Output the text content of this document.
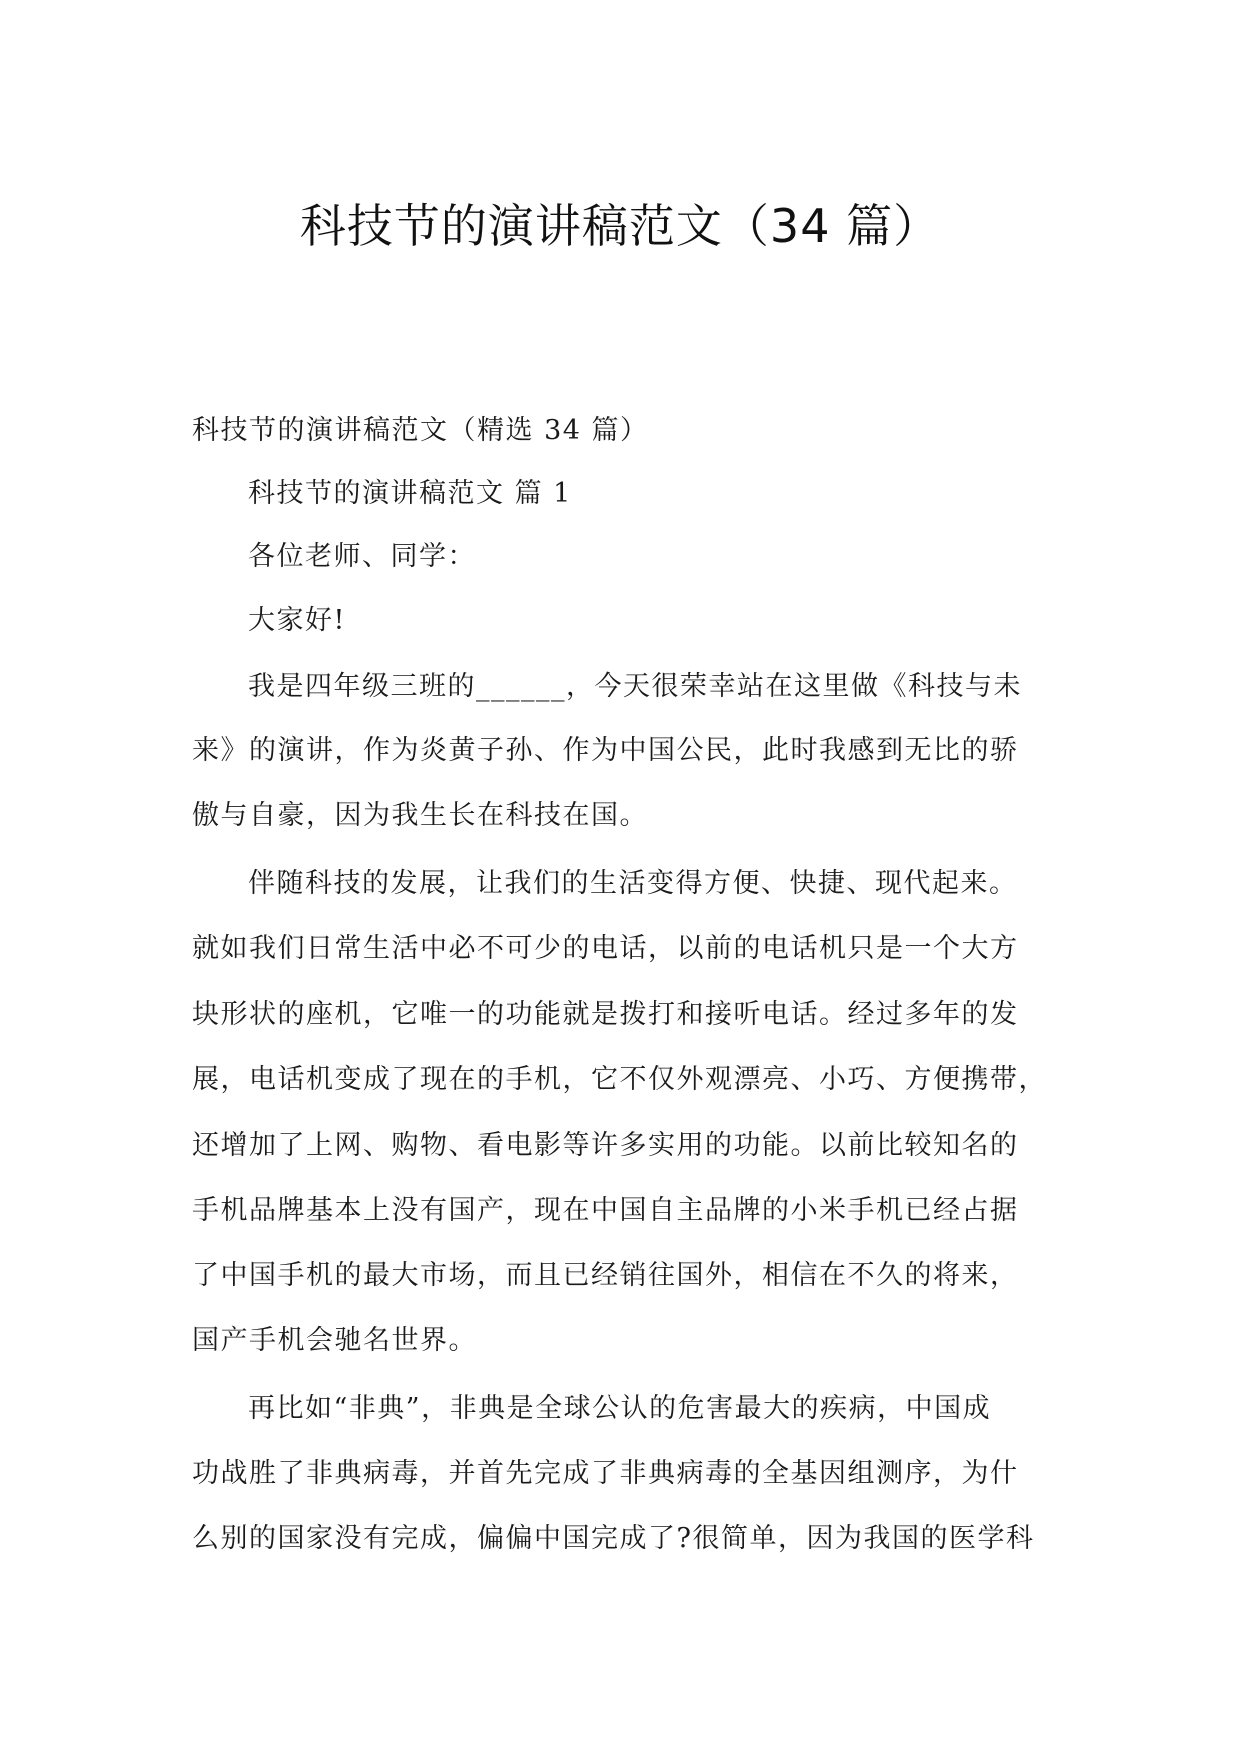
科技节的演讲稿范文（34 篇）
科技节的演讲稿范文（精选 34 篇）
科技节的演讲稿范文 篇 1
各位老师、同学：
大家好!
我是四年级三班的______，今天很荣幸站在这里做《科技与未
来》的演讲，作为炎黄子孙、作为中国公民，此时我感到无比的骄
傲与自豪，因为我生长在科技在国。
伴随科技的发展，让我们的生活变得方便、快捷、现代起来。
就如我们日常生活中必不可少的电话，以前的电话机只是一个大方
块形状的座机，它唯一的功能就是拨打和接听电话。经过多年的发
展，电话机变成了现在的手机，它不仅外观漂亮、小巧、方便携带，
还增加了上网、购物、看电影等许多实用的功能。以前比较知名的
手机品牌基本上没有国产，现在中国自主品牌的小米手机已经占据
了中国手机的最大市场，而且已经销往国外，相信在不久的将来，
国产手机会驰名世界。
再比如“非典”，非典是全球公认的危害最大的疾病，中国成
功战胜了非典病毒，并首先完成了非典病毒的全基因组测序，为什
么别的国家没有完成，偏偏中国完成了?很简单，因为我国的医学科
